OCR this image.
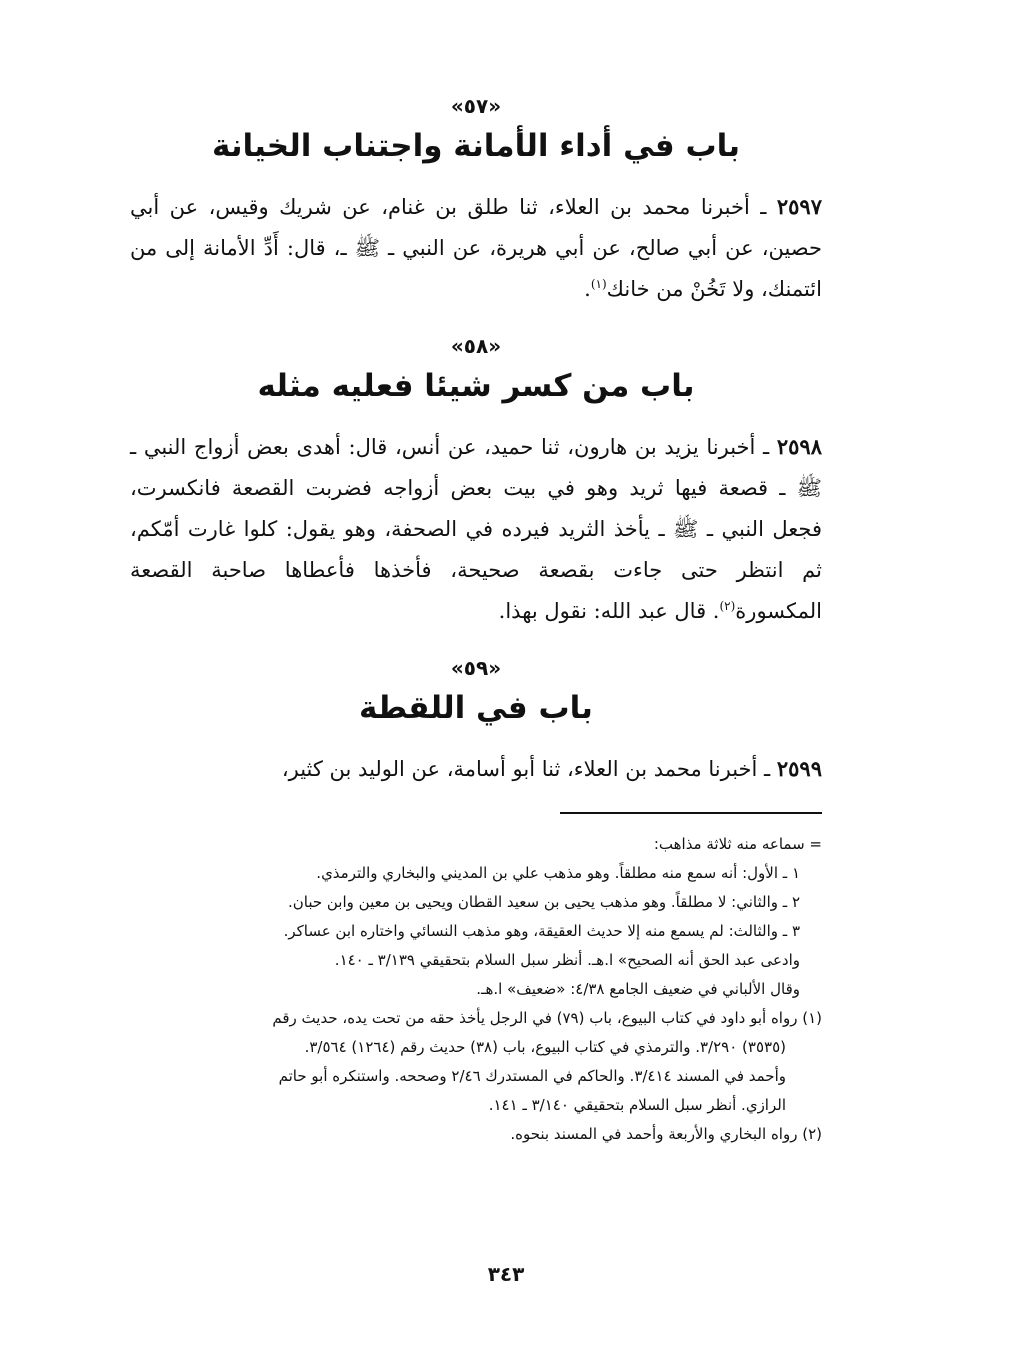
«٥٧»

باب في أداء الأمانة واجتناب الخيانة

٢٥٩٧ ـ أخبرنا محمد بن العلاء، ثنا طلق بن غنام، عن شريك وقيس، عن أبي حصين، عن أبي صالح، عن أبي هريرة، عن النبي ـ ﷺ ـ، قال: أَدِّ الأمانة إلى من ائتمنك، ولا تَخُنْ من خانك$^{(١)}$.

«٥٨»

باب من كسر شيئا فعليه مثله

٢٥٩٨ ـ أخبرنا يزيد بن هارون، ثنا حميد، عن أنس، قال: أهدى بعض أزواج النبي ـ ﷺ ـ قصعة فيها ثريد وهو في بيت بعض أزواجه فضربت القصعة فانكسرت، فجعل النبي ـ ﷺ ـ يأخذ الثريد فيرده في الصحفة، وهو يقول: كلوا غارت أمّكم، ثم انتظر حتى جاءت بقصعة صحيحة، فأخذها فأعطاها صاحبة القصعة المكسورة$^{(٢)}$. قال عبد الله: نقول بهذا.

«٥٩»

باب في اللقطة

٢٥٩٩ ـ أخبرنا محمد بن العلاء، ثنا أبو أسامة، عن الوليد بن كثير،

= سماعه منه ثلاثة مذاهب:

١ ـ الأول: أنه سمع منه مطلقاً. وهو مذهب علي بن المديني والبخاري والترمذي.

٢ ـ والثاني: لا مطلقاً. وهو مذهب يحيى بن سعيد القطان ويحيى بن معين وابن حبان.

٣ ـ والثالث: لم يسمع منه إلا حديث العقيقة، وهو مذهب النسائي واختاره ابن عساكر.

وادعى عبد الحق أنه الصحيح» ا.هـ. أنظر سبل السلام بتحقيقي ٣/١٣٩ ـ ١٤٠.

وقال الألباني في ضعيف الجامع ٤/٣٨: «ضعيف» ا.هـ.

(١) رواه أبو داود في كتاب البيوع، باب (٧٩) في الرجل يأخذ حقه من تحت يده، حديث رقم

(٣٥٣٥) ٣/٢٩٠. والترمذي في كتاب البيوع، باب (٣٨) حديث رقم (١٢٦٤) ٣/٥٦٤.

وأحمد في المسند ٣/٤١٤. والحاكم في المستدرك ٢/٤٦ وصححه. واستنكره أبو حاتم

الرازي. أنظر سبل السلام بتحقيقي ٣/١٤٠ ـ ١٤١.

(٢) رواه البخاري والأربعة وأحمد في المسند بنحوه.

٣٤٣
